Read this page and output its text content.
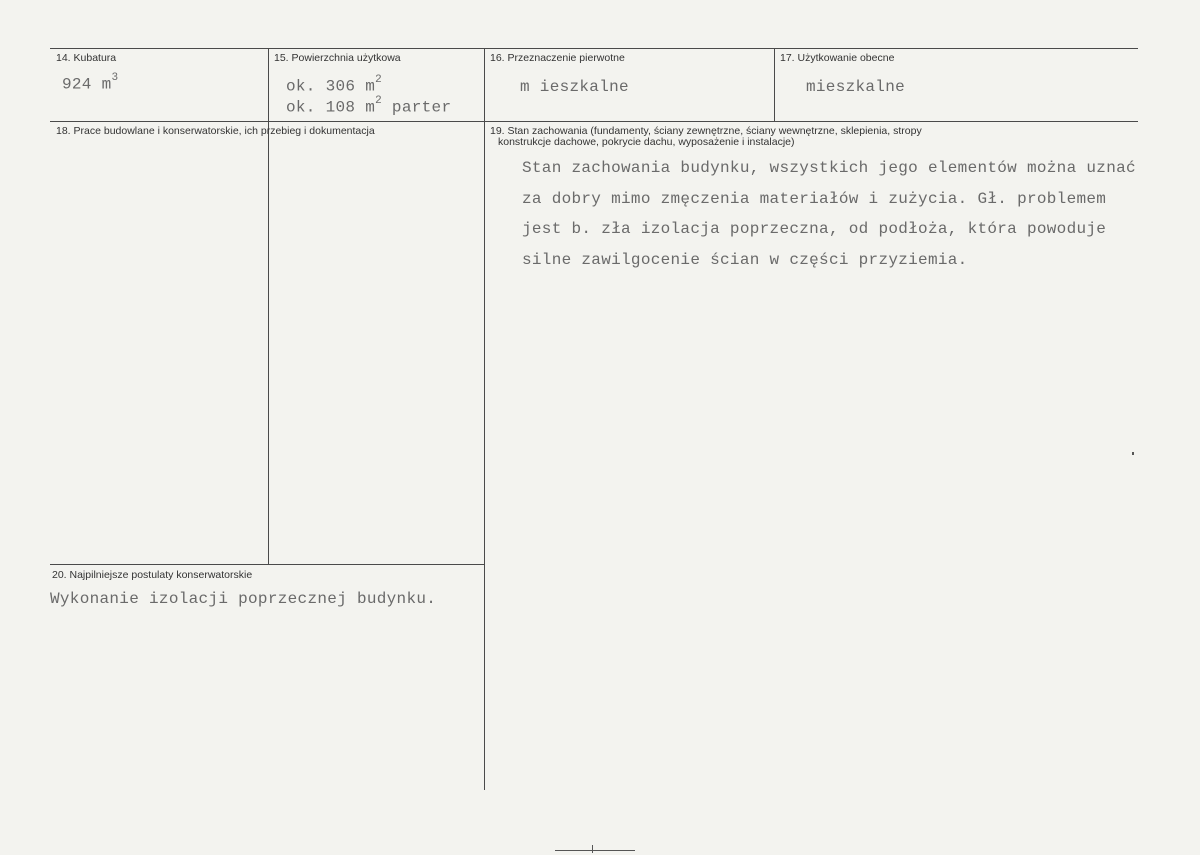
14. Kubatura
924 $m^3$
15. Powierzchnia użytkowa
ok. 306 $m^2$
ok. 108 $m^2$ parter
16. Przeznaczenie pierwotne
m ieszkalne
17. Użytkowanie obecne
mieszkalne
18. Prace budowlane i konserwatorskie, ich przebieg i dokumentacja	19. Stan zachowania (fundamenty, ściany zewnętrzne, ściany wewnętrzne, sklepienia, stropy
konstrukcje dachowe, pokrycie dachu, wyposażenie i instalacje)
Stan zachowania budynku, wszystkich jego elementów można uznać
za dobry mimo zmęczenia materiałów i zużycia. Gł. problemem
jest b. zła izolacja poprzeczna, od podłoża, która powoduje
silne zawilgocenie ścian w części przyziemia.
20. Najpilniejsze postulaty konserwatorskie
Wykonanie izolacji poprzecznej budynku.
